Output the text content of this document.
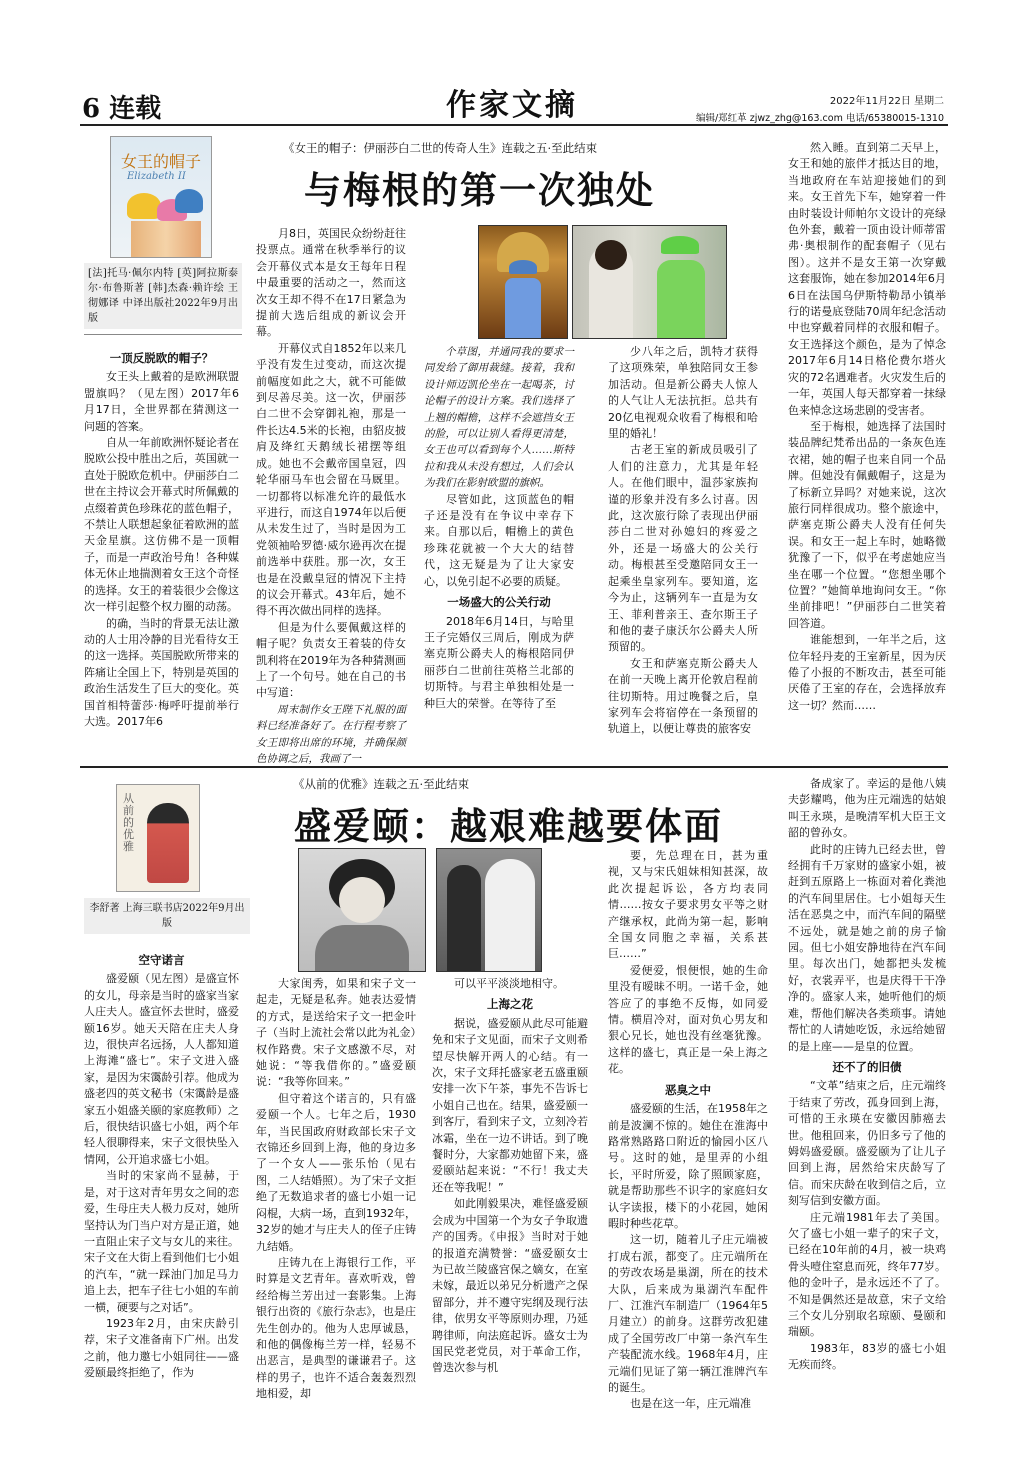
6 连载	作家文摘	2022年11月22日 星期二
编辑/郑红革 zjwz_zhg@163.com 电话/65380015-1310
《女王的帽子：伊丽莎白二世的传奇人生》连载之五·至此结束
与梅根的第一次独处
女王的帽子
Elizabeth II
[法]托马·佩尔内特 [英]阿拉斯泰尔·布鲁斯著 [韩]杰森·赖许绘 王彻娜译 中译出版社2022年9月出版
一顶反脱欧的帽子？

女王头上戴着的是欧洲联盟盟旗吗？（见左图）2017年6月17日，全世界都在猜测这一问题的答案。

自从一年前欧洲怀疑论者在脱欧公投中胜出之后，英国就一直处于脱欧危机中。伊丽莎白二世在主持议会开幕式时所佩戴的点缀着黄色珍珠花的蓝色帽子，不禁让人联想起象征着欧洲的蓝天金星旗。这仿佛不是一顶帽子，而是一声政治号角！各种媒体无休止地揣测着女王这个奇怪的选择。女王的着装很少会像这次一样引起整个权力圈的动荡。

的确，当时的背景无法让激动的人士用冷静的目光看待女王的这一选择。英国脱欧所带来的阵痛让全国上下，特别是英国的政治生活发生了巨大的变化。英国首相特蕾莎·梅呼吁提前举行大选。2017年6

月8日，英国民众纷纷赶往投票点。通常在秋季举行的议会开幕仪式本是女王每年日程中最重要的活动之一，然而这次女王却不得不在17日紧急为提前大选后组成的新议会开幕。

开幕仪式自1852年以来几乎没有发生过变动，而这次提前幅度如此之大，就不可能做到尽善尽美。这一次，伊丽莎白二世不会穿御礼袍，那是一件长达4.5米的长袍，由貂皮披肩及绛红天鹅绒长裙摆等组成。她也不会戴帝国皇冠，四轮华丽马车也会留在马厩里。一切都将以标准允许的最低水平进行，而这自1974年以后便从未发生过了，当时是因为工党领袖哈罗德·威尔逊再次在提前选举中获胜。那一次，女王也是在没戴皇冠的情况下主持的议会开幕式。43年后，她不得不再次做出同样的选择。

但是为什么要佩戴这样的帽子呢？负责女王着装的侍女凯利将在2019年为各种猜测画上了一个句号。她在自己的书中写道：

周末制作女王陛下礼服的面料已经准备好了。在行程考察了女王即将出席的环境，并确保颜色协调之后，我画了一

个草图，并通同我的要求一同发给了御用裁缝。接着，我和设计师迈凯伦坐在一起喝茶，讨论帽子的设计方案。我们选择了上翘的帽檐，这样不会遮挡女王的脸，可以让别人看得更清楚，女王也可以看到每个人……斯特拉和我从未没有想过，人们会认为我们在影射欧盟的旗帜。

尽管如此，这顶蓝色的帽子还是没有在争议中幸存下来。自那以后，帽檐上的黄色珍珠花就被一个大大的结替代，这无疑是为了让大家安心，以免引起不必要的质疑。

一场盛大的公关行动

2018年6月14日，与哈里王子完婚仅三周后，刚成为萨塞克斯公爵夫人的梅根陪同伊丽莎白二世前往英格兰北部的切斯特。与君主单独相处是一种巨大的荣誉。在等待了至

少八年之后，凯特才获得了这项殊荣，单独陪同女王参加活动。但是新公爵夫人惊人的人气让人无法抗拒。总共有20亿电视观众收看了梅根和哈里的婚礼！

古老王室的新成员吸引了人们的注意力，尤其是年轻人。在他们眼中，温莎家族拘谨的形象并没有多么讨喜。因此，这次旅行除了表现出伊丽莎白二世对孙媳妇的疼爱之外，还是一场盛大的公关行动。梅根甚至受邀陪同女王一起乘坐皇家列车。要知道，迄今为止，这辆列车一直是为女王、菲利普亲王、查尔斯王子和他的妻子康沃尔公爵夫人所预留的。

女王和萨塞克斯公爵夫人在前一天晚上离开伦敦启程前往切斯特。用过晚餐之后，皇家列车会将宿停在一条预留的轨道上，以便让尊贵的旅客安

然入睡。直到第二天早上，女王和她的旅伴才抵达目的地，当地政府在车站迎接她们的到来。女王首先下车，她穿着一件由时装设计师帕尔文设计的亮绿色外套，戴着一顶由设计师蒂雷弗·奥根制作的配套帽子（见右图）。这并不是女王第一次穿戴这套服饰，她在参加2014年6月6日在法国乌伊斯特勒昂小镇举行的诺曼底登陆70周年纪念活动中也穿戴着同样的衣服和帽子。女王选择这个颜色，是为了悼念2017年6月14日格伦费尔塔火灾的72名遇难者。火灾发生后的一年，英国人每天都穿着一抹绿色来悼念这场悲剧的受害者。

至于梅根，她选择了法国时装品牌纪梵希出品的一条灰色连衣裙，她的帽子也来自同一个品牌。但她没有佩戴帽子，这是为了标新立异吗？对她来说，这次旅行同样很成功。整个旅途中，萨塞克斯公爵夫人没有任何失误。和女王一起上车时，她略微犹豫了一下，似乎在考虑她应当坐在哪一个位置。“您想坐哪个位置？”她简单地询问女王。“你坐前排吧！”伊丽莎白二世笑着回答道。

谁能想到，一年半之后，这位年轻丹麦的王室新星，因为厌倦了小报的不断攻击，甚至可能厌倦了王室的存在，会选择放弃这一切？然而……

《从前的优雅》连载之五·至此结束
盛爱颐：越艰难越要体面
从前的优雅
李舒著 上海三联书店2022年9月出版
空守诺言

盛爱颐（见左图）是盛宣怀的女儿，母亲是当时的盛家当家人庄夫人。盛宣怀去世时，盛爱颐16岁。她天天陪在庄夫人身边，很快声名远扬，人人都知道上海滩“盛七”。宋子文进入盛家，是因为宋霭龄引荐。他成为盛老四的英文秘书（宋霭龄是盛家五小姐盛关颐的家庭教师）之后，很快结识盛七小姐，两个年轻人很聊得来，宋子文很快坠入情网，公开追求盛七小姐。

当时的宋家尚不显赫，于是，对于这对青年男女之间的恋爱，生母庄夫人极力反对，她所坚持认为门当户对方是正道，她一直阻止宋子文与女儿的来往。宋子文在大街上看到他们七小姐的汽车，“就一踩油门加足马力追上去，把车子往七小姐的车前一横，硬要与之对话”。

1923年2月，由宋庆龄引荐，宋子文准备南下广州。出发之前，他力邀七小姐同往——盛爱颐最终拒绝了，作为

大家闺秀，如果和宋子文一起走，无疑是私奔。她表达爱情的方式，是送给宋子文一把金叶子（当时上流社会常以此为礼金）权作路费。宋子文感激不尽，对她说：“等我借你的。”盛爱颐说：“我等你回来。”

但守着这个诺言的，只有盛爱颐一个人。七年之后，1930年，当民国政府财政部长宋子文衣锦还乡回到上海，他的身边多了一个女人——张乐怡（见右图，二人结婚照）。为了宋子文拒绝了无数追求者的盛七小姐一记闷棍，大病一场，直到1932年，32岁的她才与庄夫人的侄子庄铸九结婚。

庄铸九在上海银行工作，平时算是文艺青年。喜欢听戏，曾经给梅兰芳出过一套影集。上海银行出资的《旅行杂志》，也是庄先生创办的。他为人忠厚诚恳，和他的偶像梅兰芳一样，轻易不出恶言，是典型的谦谦君子。这样的男子，也许不适合轰轰烈烈地相爱，却

可以平平淡淡地相守。

上海之花

据说，盛爱颐从此尽可能避免和宋子文见面，而宋子文则希望尽快解开两人的心结。有一次，宋子文拜托盛家老五盛重颐安排一次下午茶，事先不告诉七小姐自己也在。结果，盛爱颐一到客厅，看到宋子文，立刻冷若冰霜，坐在一边不讲话。到了晚餐时分，大家都劝她留下来，盛爱颐站起来说：“不行！我丈夫还在等我呢！”

如此刚毅果决，难怪盛爱颐会成为中国第一个为女子争取遗产的国秀。《申报》当时对于她的报道充满赞誉：“盛爱颐女士为已故兰陵盛宫保之嫡女，在室未嫁，最近以弟兄分析遗产之保留部分，并不遵守宪纲及现行法律，依男女平等原则办理，乃延聘律师，向法庭起诉。盛女士为国民党老党员，对于革命工作，曾迭次参与机

要，先总理在日，甚为重视，又与宋氏姐妹相知甚深，故此次提起诉讼，各方均表同情……按女子要求男女平等之财产继承权，此尚为第一起，影响全国女同胞之幸福，关系甚巨……”

爱便爱，恨便恨，她的生命里没有暧昧不明。一诺千金，她答应了的事绝不反悔，如同爱情。横眉冷对，面对负心男友和狠心兄长，她也没有丝毫犹豫。这样的盛七，真正是一朵上海之花。

恶臭之中

盛爱颐的生活，在1958年之前是波澜不惊的。她住在淮海中路常熟路路口附近的愉园小区八号。这时的她，是里弄的小组长，平时所爱，除了照顾家庭，就是帮助那些不识字的家庭妇女认字读报，楼下的小花园，她闲暇时种些花草。

这一切，随着儿子庄元端被打成右派，都变了。庄元端所在的劳改农场是巢湖，所在的技术大队，后来成为巢湖汽车配件厂、江淮汽车制造厂（1964年5月建立）的前身。这群劳改犯建成了全国劳改厂中第一条汽车生产装配流水线。1968年4月，庄元端们见证了第一辆江淮牌汽车的诞生。

也是在这一年，庄元端准

备成家了。幸运的是他八姨夫彭耀鸣，他为庄元端选的姑娘叫王永瑛，是晚清军机大臣王文韶的曾孙女。

此时的庄铸九已经去世，曾经拥有千万家财的盛家小姐，被赶到五原路上一栋面对着化粪池的汽车间里居住。七小姐每天生活在恶臭之中，而汽车间的隔壁不远处，就是她之前的房子愉园。但七小姐安静地待在汽车间里。每次出门，她都把头发梳好，衣裳弄平，也是庆得干干净净的。盛家人来，她听他们的烦难，帮他们解决各类琐事。请她帮忙的人请她吃饭，永远给她留的是上座——是皇的位置。

还不了的旧债

“文革”结束之后，庄元端终于结束了劳改，孤身回到上海，可惜的王永瑛在安徽因肺癌去世。他租回来，仍旧多亏了他的姆妈盛爱颐。盛爱颐为了让儿子回到上海，居然给宋庆龄写了信。而宋庆龄在收到信之后，立刻写信到安徽方面。

庄元端1981年去了美国。欠了盛七小姐一辈子的宋子文，已经在10年前的4月，被一块鸡骨头噎住窒息而死，终年77岁。他的金叶子，是永远还不了了。不知是偶然还是故意，宋子文给三个女儿分别取名琼颐、曼颐和瑞颐。

1983年，83岁的盛七小姐无疾而终。
